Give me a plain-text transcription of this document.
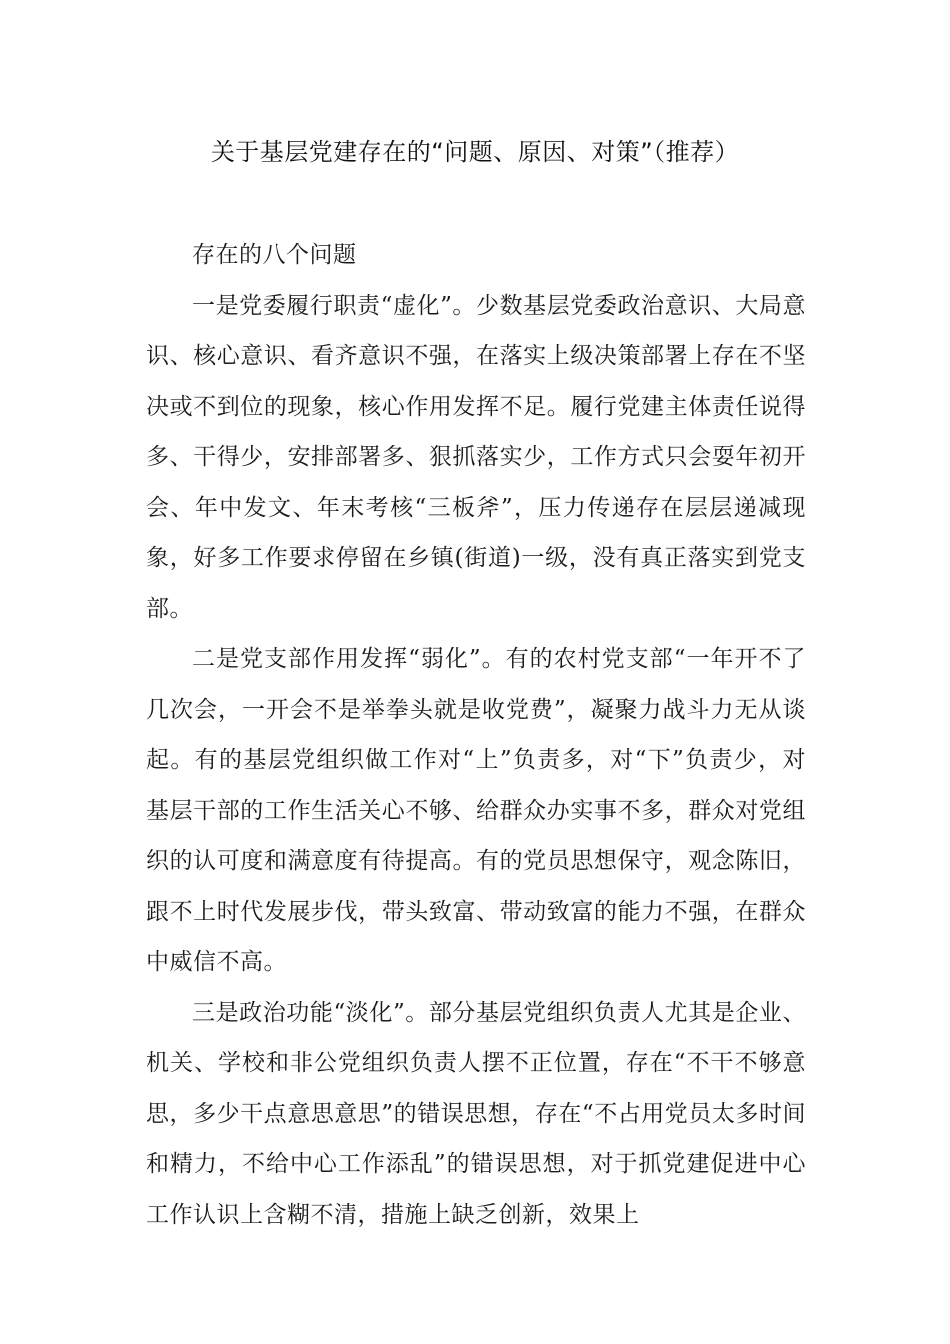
关于基层党建存在的“问题、原因、对策”（推荐）

存在的八个问题

一是党委履行职责“虚化”。少数基层党委政治意识、大局意识、核心意识、看齐意识不强，在落实上级决策部署上存在不坚决或不到位的现象，核心作用发挥不足。履行党建主体责任说得多、干得少，安排部署多、狠抓落实少，工作方式只会耍年初开会、年中发文、年末考核“三板斧”，压力传递存在层层递减现象，好多工作要求停留在乡镇(街道)一级，没有真正落实到党支部。

二是党支部作用发挥“弱化”。有的农村党支部“一年开不了几次会，一开会不是举拳头就是收党费”，凝聚力战斗力无从谈起。有的基层党组织做工作对“上”负责多，对“下”负责少，对基层干部的工作生活关心不够、给群众办实事不多，群众对党组织的认可度和满意度有待提高。有的党员思想保守，观念陈旧，跟不上时代发展步伐，带头致富、带动致富的能力不强，在群众中威信不高。

三是政治功能“淡化”。部分基层党组织负责人尤其是企业、机关、学校和非公党组织负责人摆不正位置，存在“不干不够意思，多少干点意思意思”的错误思想，存在“不占用党员太多时间和精力，不给中心工作添乱”的错误思想，对于抓党建促进中心工作认识上含糊不清，措施上缺乏创新，效果上
